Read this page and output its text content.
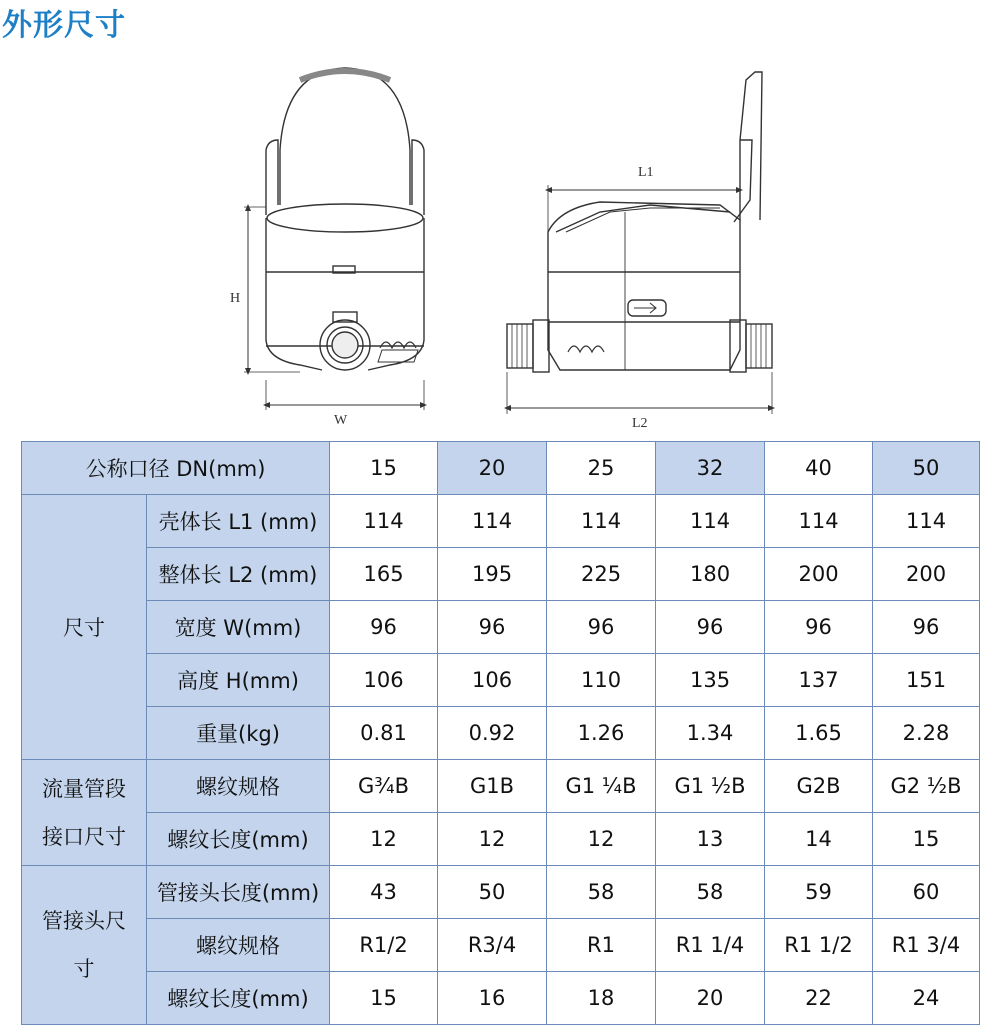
外形尺寸
H
W
L1
L2
公称口径 DN(mm)		15	20	25	32	40	50
尺寸	壳体长 L1 (mm)	114	114	114	114	114	114
	整体长 L2 (mm)	165	195	225	180	200	200
	宽度 W(mm)	96	96	96	96	96	96
	高度 H(mm)	106	106	110	135	137	151
	重量(kg)	0.81	0.92	1.26	1.34	1.65	2.28
流量管段
接口尺寸	螺纹规格	G¾B	G1B	G1 ¼B	G1 ½B	G2B	G2 ½B
	螺纹长度(mm)	12	12	12	13	14	15
管接头尺
寸	管接头长度(mm)	43	50	58	58	59	60
	螺纹规格	R1/2	R3/4	R1	R1 1/4	R1 1/2	R1 3/4
	螺纹长度(mm)	15	16	18	20	22	24
